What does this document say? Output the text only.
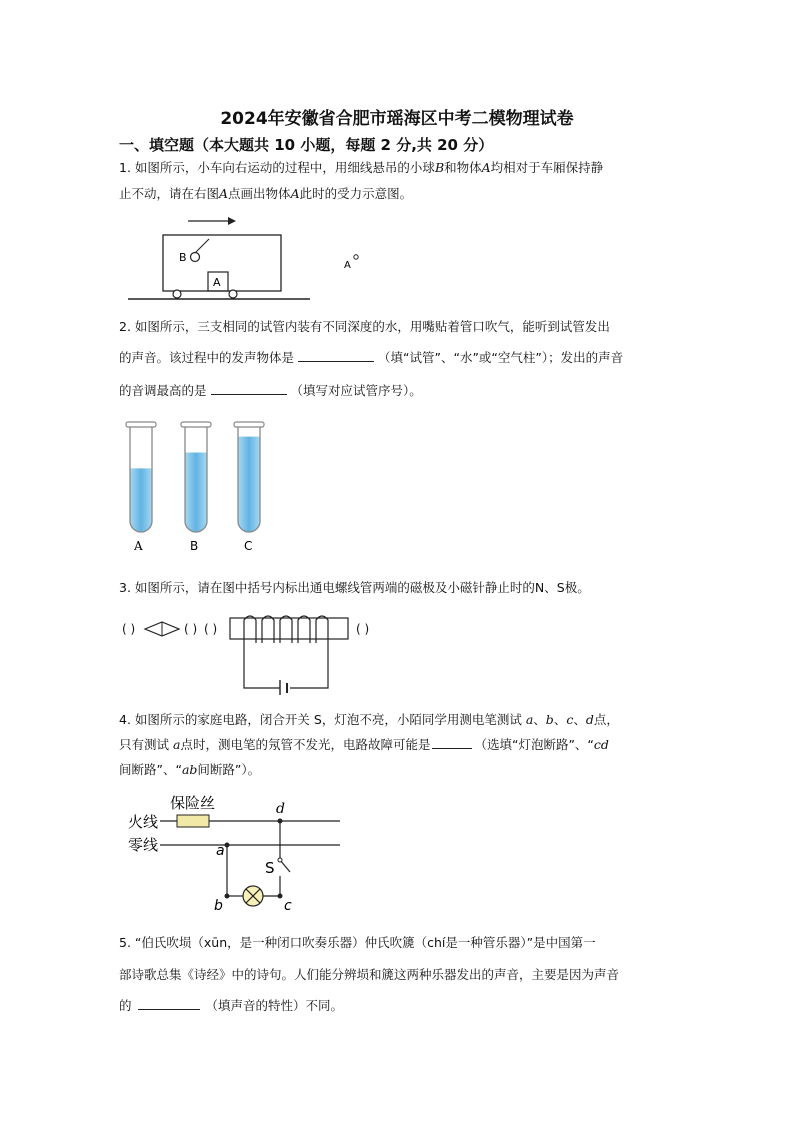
2024年安徽省合肥市瑶海区中考二模物理试卷
一、填空题（本大题共 10 小题，每题 2 分,共 20 分）
1. 如图所示，小车向右运动的过程中，用细线悬吊的小球B和物体A均相对于车厢保持静
止不动，请在右图A点画出物体A此时的受力示意图。
B
A
A
2. 如图所示，三支相同的试管内装有不同深度的水，用嘴贴着管口吹气，能听到试管发出
的声音。该过程中的发声物体是	（填“试管”、“水”或“空气柱”）；发出的声音
的音调最高的是	（填写对应试管序号）。
A	B	C
3. 如图所示，请在图中括号内标出通电螺线管两端的磁极及小磁针静止时的N、S极。
( )	( ) ( )	( )
4. 如图所示的家庭电路，闭合开关 S，灯泡不亮，小陌同学用测电笔测试 a、b、c、d点，
只有测试 a点时，测电笔的氖管不发光，电路故障可能是	（选填“灯泡断路”、“cd
间断路”、“ab间断路”）。
火线
零线
保险丝	d
a
S
b	c
5. “伯氏吹埙（xūn，是一种闭口吹奏乐器）仲氏吹篪（chí是一种管乐器）”是中国第一
部诗歌总集《诗经》中的诗句。人们能分辨埙和篪这两种乐器发出的声音，主要是因为声音
的	（填声音的特性）不同。
